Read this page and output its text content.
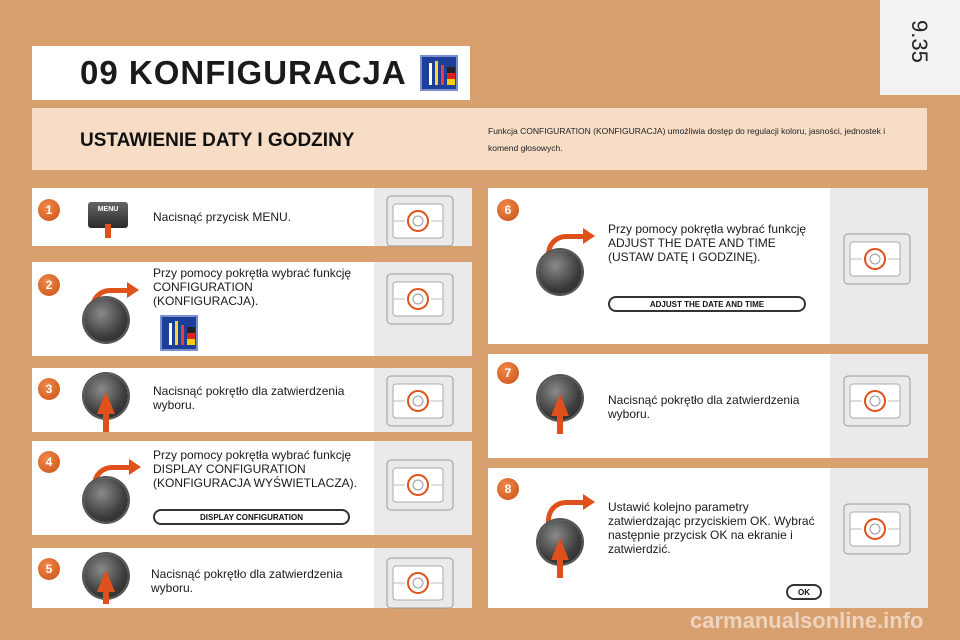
9.35
09 KONFIGURACJA
USTAWIENIE DATY I GODZINY	Funkcja CONFIGURATION (KONFIGURACJA) umożliwia dostęp do regulacji koloru, jasności, jednostek i komend głosowych.
1	MENU
Nacisnąć przycisk MENU.
2
Przy pomocy pokrętła wybrać funkcję CONFIGURATION (KONFIGURACJA).
3	Nacisnąć pokrętło dla zatwierdzenia wyboru.
4	Przy pomocy pokrętła wybrać funkcję DISPLAY CONFIGURATION (KONFIGURACJA WYŚWIETLACZA).
DISPLAY CONFIGURATION
5	Nacisnąć pokrętło dla zatwierdzenia wyboru.
6
Przy pomocy pokrętła wybrać funkcję ADJUST THE DATE AND TIME (USTAW DATĘ I GODZINĘ).
ADJUST THE DATE AND TIME
7
Nacisnąć pokrętło dla zatwierdzenia wyboru.
8
Ustawić kolejno parametry zatwierdzając przyciskiem OK. Wybrać następnie przycisk OK na ekranie i zatwierdzić.
OK
carmanualsonline.info
